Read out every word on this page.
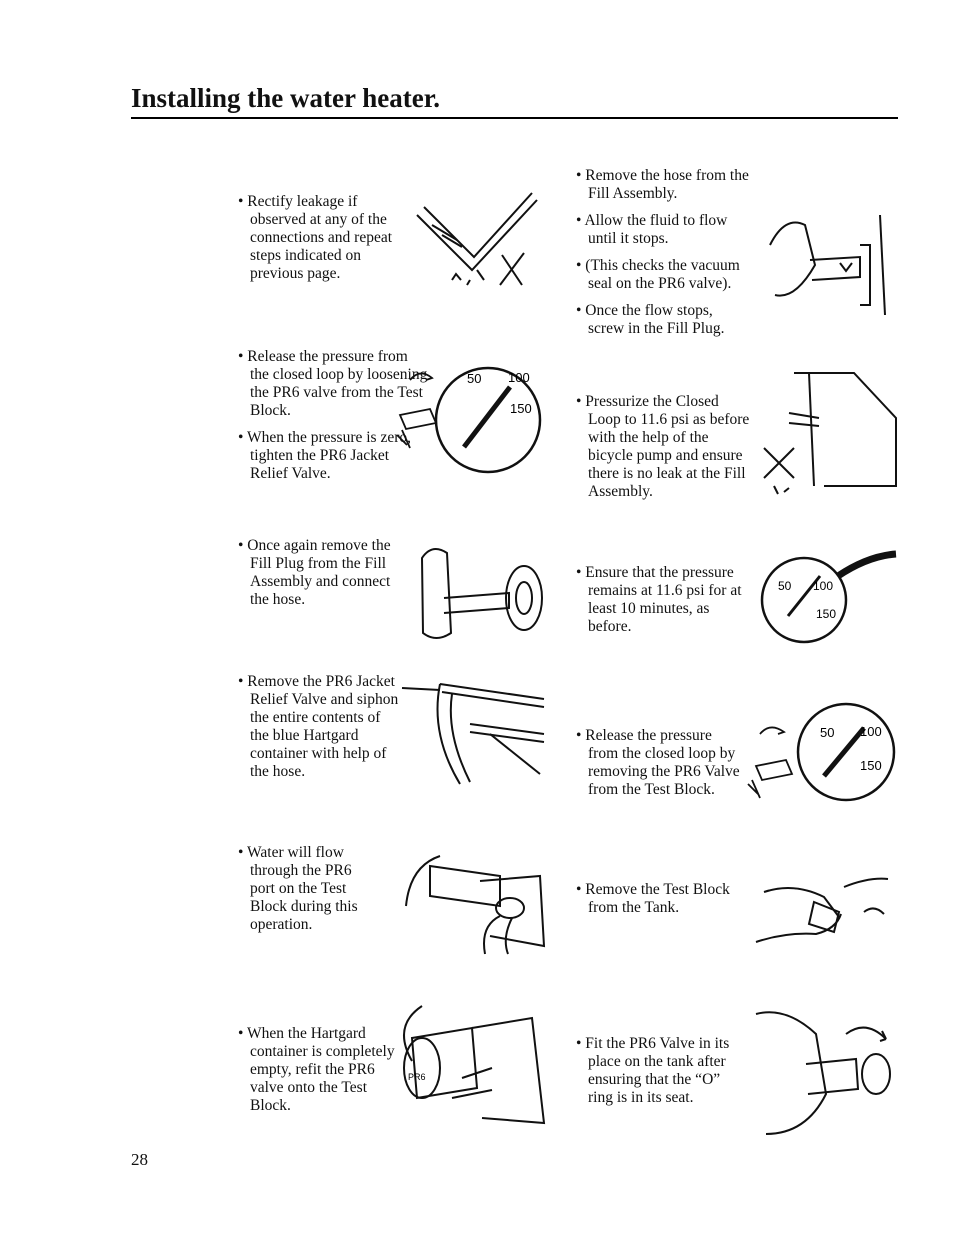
Installing the water heater.

• Rectify leakage if observed at any of the connections and repeat steps indicated on previous page.

• Release the pressure from the closed loop by loosening the PR6 valve from the Test Block.

• When the pressure is zero, tighten the PR6 Jacket Relief Valve.

50 100
150

• Once again remove the Fill Plug from the Fill Assembly and connect the hose.

• Remove the PR6 Jacket Relief Valve and siphon the entire contents of the blue Hartgard container with help of the hose.

• Water will flow through the PR6 port on the Test Block during this operation.

• When the Hartgard container is completely empty, refit the PR6 valve onto the Test Block.

PR6

• Remove the hose from the Fill Assembly.

• Allow the fluid to flow until it stops.

• (This checks the vacuum seal on the PR6 valve).

• Once the flow stops, screw in the Fill Plug.

• Pressurize the Closed Loop to 11.6 psi as before with the help of the bicycle pump and ensure there is no leak at the Fill Assembly.

• Ensure that the pressure remains at 11.6 psi for at least 10 minutes, as before.

50 100
150

• Release the pressure from the closed loop by removing the PR6 Valve from the Test Block.

50 100
150

• Remove the Test Block from the Tank.

• Fit the PR6 Valve in its place on the tank after ensuring that the “O” ring is in its seat.

28
